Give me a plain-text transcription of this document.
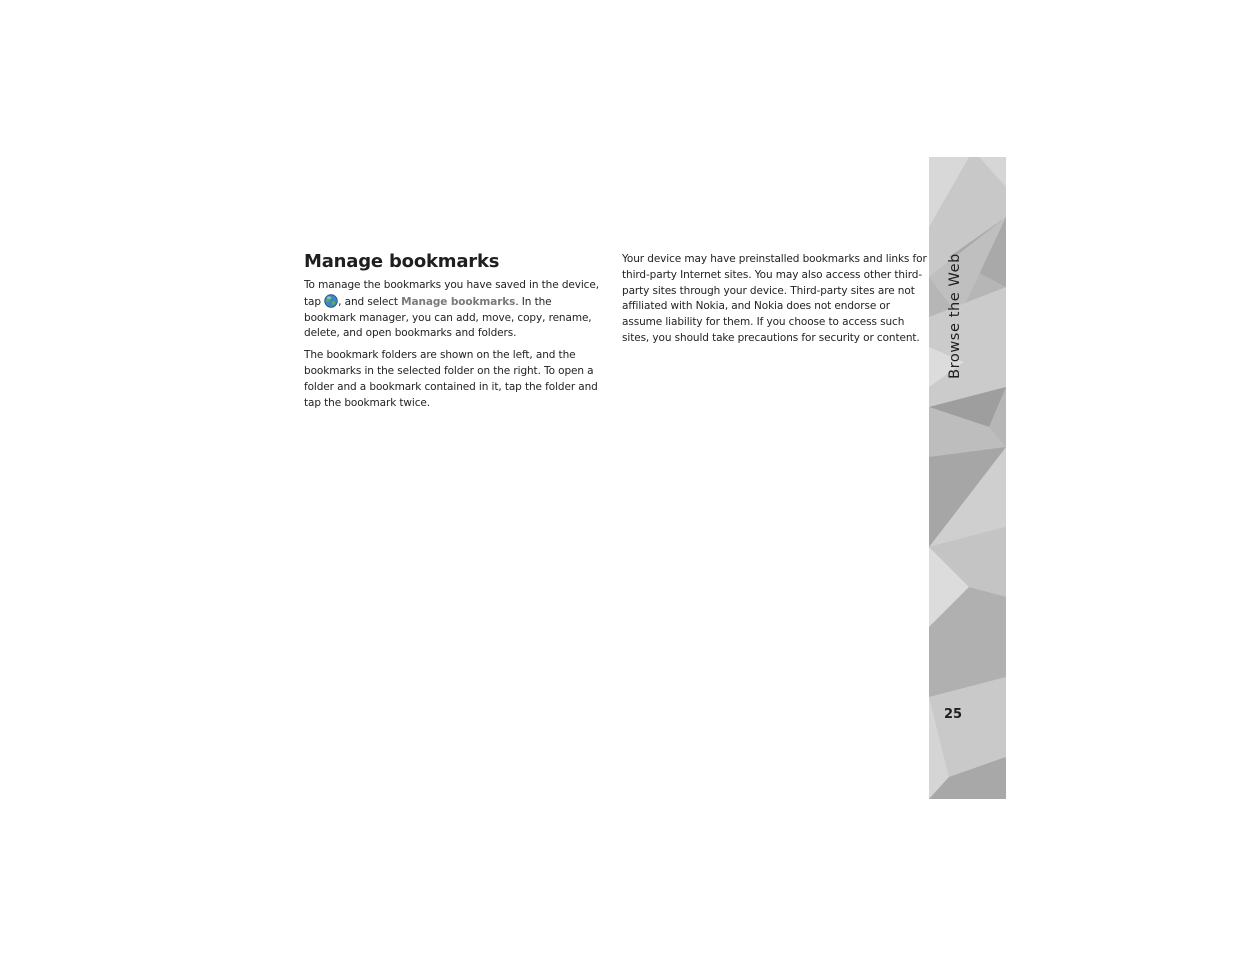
Manage bookmarks

To manage the bookmarks you have saved in the device, tap , and select Manage bookmarks. In the bookmark manager, you can add, move, copy, rename, delete, and open bookmarks and folders.

The bookmark folders are shown on the left, and the bookmarks in the selected folder on the right. To open a folder and a bookmark contained in it, tap the folder and tap the bookmark twice.

Your device may have preinstalled bookmarks and links for third-party Internet sites. You may also access other third-party sites through your device. Third-party sites are not affiliated with Nokia, and Nokia does not endorse or assume liability for them. If you choose to access such sites, you should take precautions for security or content.	Browse the Web
25
